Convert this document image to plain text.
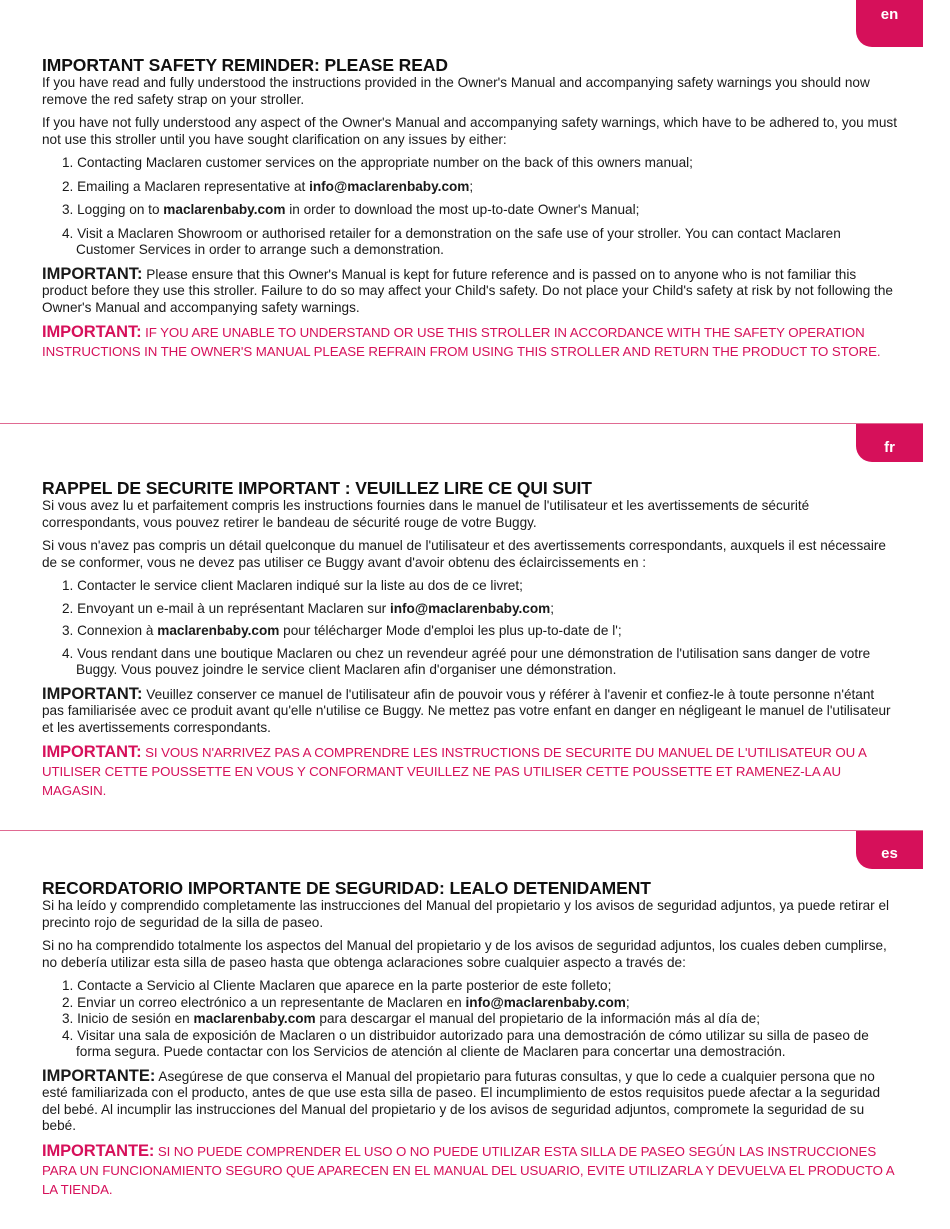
en
IMPORTANT SAFETY REMINDER: PLEASE READ

If you have read and fully understood the instructions provided in the Owner's Manual and accompanying safety warnings you should now remove the red safety strap on your stroller.

If you have not fully understood any aspect of the Owner's Manual and accompanying safety warnings, which have to be adhered to, you must not use this stroller until you have sought clarification on any issues by either:

1. Contacting Maclaren customer services on the appropriate number on the back of this owners manual;
2. Emailing a Maclaren representative at info@maclarenbaby.com;
3. Logging on to maclarenbaby.com in order to download the most up-to-date Owner's Manual;
4. Visit a Maclaren Showroom or authorised retailer for a demonstration on the safe use of your stroller. You can contact Maclaren Customer Services in order to arrange such a demonstration.

IMPORTANT: Please ensure that this Owner's Manual is kept for future reference and is passed on to anyone who is not familiar this product before they use this stroller. Failure to do so may affect your Child's safety. Do not place your Child's safety at risk by not following the Owner's Manual and accompanying safety warnings.

IMPORTANT: IF YOU ARE UNABLE TO UNDERSTAND OR USE THIS STROLLER IN ACCORDANCE WITH THE SAFETY OPERATION INSTRUCTIONS IN THE OWNER'S MANUAL PLEASE REFRAIN FROM USING THIS STROLLER AND RETURN THE PRODUCT TO STORE.

fr
RAPPEL DE SECURITE IMPORTANT : VEUILLEZ LIRE CE QUI SUIT

Si vous avez lu et parfaitement compris les instructions fournies dans le manuel de l'utilisateur et les avertissements de sécurité correspondants, vous pouvez retirer le bandeau de sécurité rouge de votre Buggy.

Si vous n'avez pas compris un détail quelconque du manuel de l'utilisateur et des avertissements correspondants, auxquels il est nécessaire de se conformer, vous ne devez pas utiliser ce Buggy avant d'avoir obtenu des éclaircissements en :

1. Contacter le service client Maclaren indiqué sur la liste au dos de ce livret;
2. Envoyant un e-mail à un représentant Maclaren sur info@maclarenbaby.com;
3. Connexion à maclarenbaby.com pour télécharger Mode d'emploi les plus up-to-date de l';
4. Vous rendant dans une boutique Maclaren ou chez un revendeur agréé pour une démonstration de l'utilisation sans danger de votre Buggy. Vous pouvez joindre le service client Maclaren afin d'organiser une démonstration.

IMPORTANT: Veuillez conserver ce manuel de l'utilisateur afin de pouvoir vous y référer à l'avenir et confiez-le à toute personne n'étant pas familiarisée avec ce produit avant qu'elle n'utilise ce Buggy. Ne mettez pas votre enfant en danger en négligeant le manuel de l'utilisateur et les avertissements correspondants.

IMPORTANT: SI VOUS N'ARRIVEZ PAS A COMPRENDRE LES INSTRUCTIONS DE SECURITE DU MANUEL DE L'UTILISATEUR OU A UTILISER CETTE POUSSETTE EN VOUS Y CONFORMANT VEUILLEZ NE PAS UTILISER CETTE POUSSETTE ET RAMENEZ-LA AU MAGASIN.

es
RECORDATORIO IMPORTANTE DE SEGURIDAD: LEALO DETENIDAMENT

Si ha leído y comprendido completamente las instrucciones del Manual del propietario y los avisos de seguridad adjuntos, ya puede retirar el precinto rojo de seguridad de la silla de paseo.

Si no ha comprendido totalmente los aspectos del Manual del propietario y de los avisos de seguridad adjuntos, los cuales deben cumplirse, no debería utilizar esta silla de paseo hasta que obtenga aclaraciones sobre cualquier aspecto a través de:

1. Contacte a Servicio al Cliente Maclaren que aparece en la parte posterior de este folleto;
2. Enviar un correo electrónico a un representante de Maclaren en info@maclarenbaby.com;
3. Inicio de sesión en maclarenbaby.com para descargar el manual del propietario de la información más al día de;
4. Visitar una sala de exposición de Maclaren o un distribuidor autorizado para una demostración de cómo utilizar su silla de paseo de forma segura. Puede contactar con los Servicios de atención al cliente de Maclaren para concertar una demostración.

IMPORTANTE: Asegúrese de que conserva el Manual del propietario para futuras consultas, y que lo cede a cualquier persona que no esté familiarizada con el producto, antes de que use esta silla de paseo. El incumplimiento de estos requisitos puede afectar a la seguridad del bebé. Al incumplir las instrucciones del Manual del propietario y de los avisos de seguridad adjuntos, compromete la seguridad de su bebé.

IMPORTANTE: SI NO PUEDE COMPRENDER EL USO O NO PUEDE UTILIZAR ESTA SILLA DE PASEO SEGÚN LAS INSTRUCCIONES PARA UN FUNCIONAMIENTO SEGURO QUE APARECEN EN EL MANUAL DEL USUARIO, EVITE UTILIZARLA Y DEVUELVA EL PRODUCTO A LA TIENDA.
